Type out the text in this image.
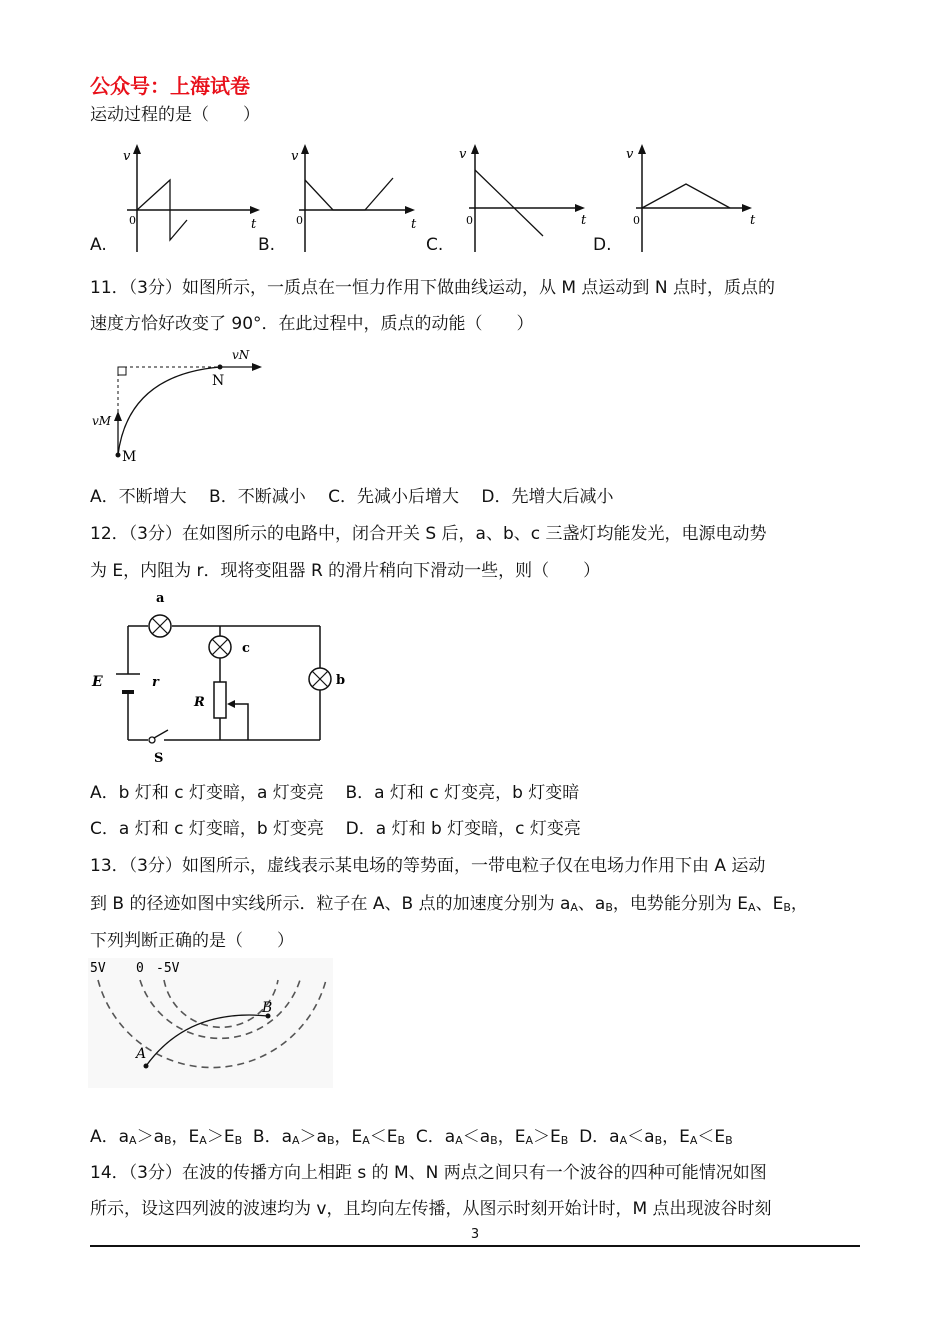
公众号：上海试卷
运动过程的是（　　）
v
t
0
A.
v
t
0
B.
v
t
0
C.
v
t
0
D.
11．（3分）如图所示，一质点在一恒力作用下做曲线运动，从 M 点运动到 N 点时，质点的
速度方恰好改变了 90°．在此过程中，质点的动能（　　）
vN
N
vM
M
A．不断增大　 B．不断减小　 C．先减小后增大　 D．先增大后减小
12．（3分）在如图所示的电路中，闭合开关 S 后，a、b、c 三盏灯均能发光，电源电动势
为 E，内阻为 r．现将变阻器 R 的滑片稍向下滑动一些，则（　　）
a
c
b
E	r
R
S
A．b 灯和 c 灯变暗，a 灯变亮 B．a 灯和 c 灯变亮，b 灯变暗
C．a 灯和 c 灯变暗，b 灯变亮 D．a 灯和 b 灯变暗，c 灯变亮
13．（3分）如图所示，虚线表示某电场的等势面，一带电粒子仅在电场力作用下由 A 运动
到 B 的径迹如图中实线所示．粒子在 A、B 点的加速度分别为 $a_A$、$a_B$，电势能分别为 $E_A$、$E_B$，
下列判断正确的是（　　）
5V 0 -5V
A
B
A．$a_A>a_B$，$E_A>E_B$  B．$a_A>a_B$，$E_A<E_B$  C．$a_A<a_B$，$E_A>E_B$  D．$a_A<a_B$，$E_A<E_B$
14．（3分）在波的传播方向上相距 s 的 M、N 两点之间只有一个波谷的四种可能情况如图
所示，设这四列波的波速均为 v，且均向左传播，从图示时刻开始计时，M 点出现波谷时刻
3
